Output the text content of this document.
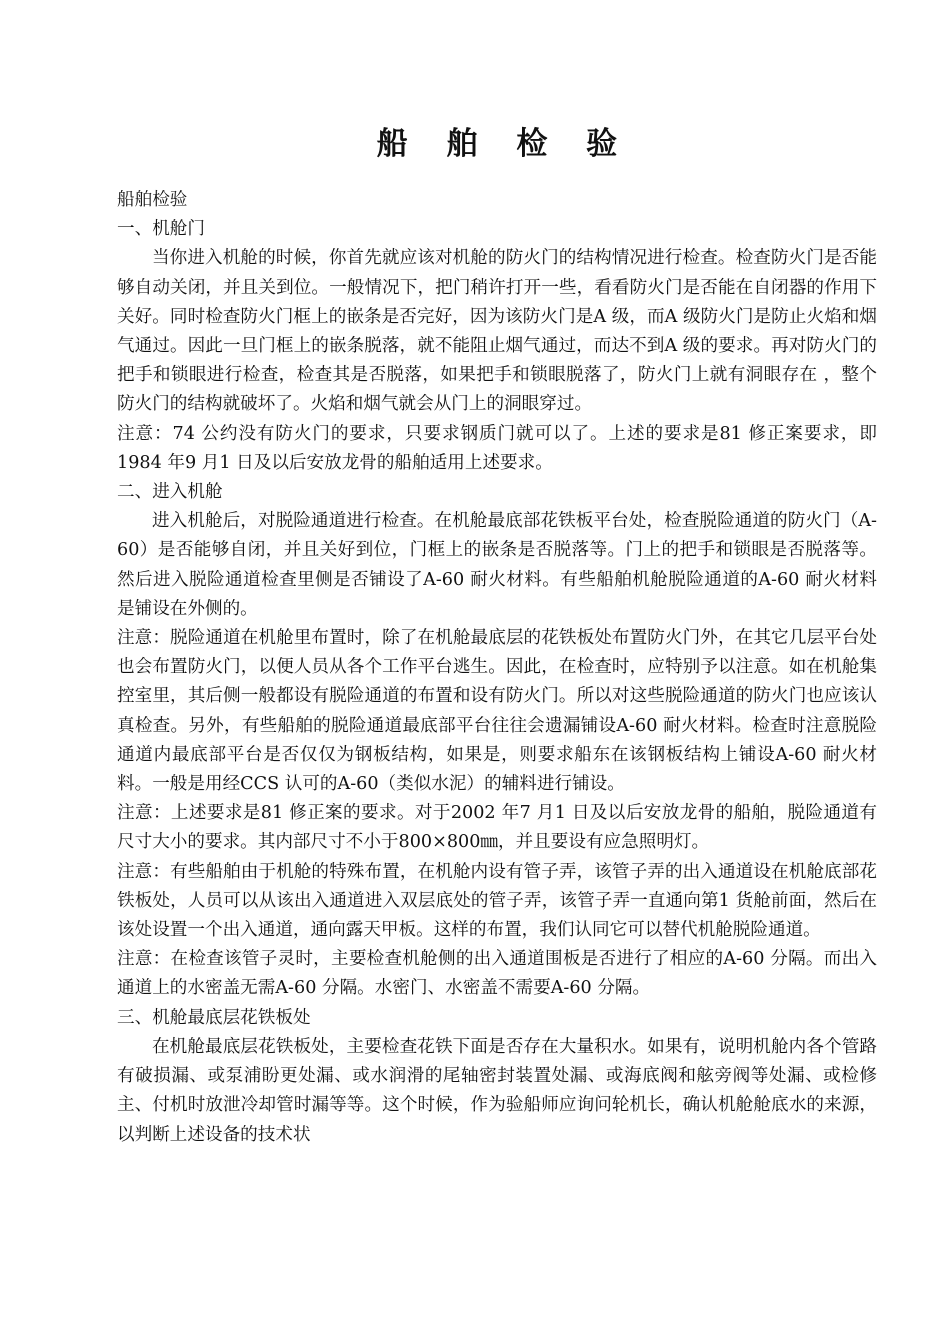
船 舶 检 验

船舶检验

一、机舱门

当你进入机舱的时候，你首先就应该对机舱的防火门的结构情况进行检查。检查防火门是否能够自动关闭，并且关到位。一般情况下，把门稍许打开一些，看看防火门是否能在自闭器的作用下关好。同时检查防火门框上的嵌条是否完好，因为该防火门是A 级，而A 级防火门是防止火焰和烟气通过。因此一旦门框上的嵌条脱落，就不能阻止烟气通过，而达不到A 级的要求。再对防火门的把手和锁眼进行检查，检查其是否脱落，如果把手和锁眼脱落了，防火门上就有洞眼存在 ，整个防火门的结构就破坏了。火焰和烟气就会从门上的洞眼穿过。

注意：74 公约没有防火门的要求，只要求钢质门就可以了。上述的要求是81 修正案要求，即1984 年9 月1 日及以后安放龙骨的船舶适用上述要求。

二、进入机舱

进入机舱后，对脱险通道进行检查。在机舱最底部花铁板平台处，检查脱险通道的防火门（A-60）是否能够自闭，并且关好到位，门框上的嵌条是否脱落等。门上的把手和锁眼是否脱落等。然后进入脱险通道检查里侧是否铺设了A-60 耐火材料。有些船舶机舱脱险通道的A-60 耐火材料是铺设在外侧的。

注意：脱险通道在机舱里布置时，除了在机舱最底层的花铁板处布置防火门外，在其它几层平台处也会布置防火门，以便人员从各个工作平台逃生。因此，在检查时，应特别予以注意。如在机舱集控室里，其后侧一般都设有脱险通道的布置和设有防火门。所以对这些脱险通道的防火门也应该认真检查。另外，有些船舶的脱险通道最底部平台往往会遗漏铺设A-60 耐火材料。检查时注意脱险通道内最底部平台是否仅仅为钢板结构，如果是，则要求船东在该钢板结构上铺设A-60 耐火材料。一般是用经CCS 认可的A-60（类似水泥）的辅料进行铺设。

注意：上述要求是81 修正案的要求。对于2002 年7 月1 日及以后安放龙骨的船舶，脱险通道有尺寸大小的要求。其内部尺寸不小于800×800㎜，并且要设有应急照明灯。

注意：有些船舶由于机舱的特殊布置，在机舱内设有管子弄，该管子弄的出入通道设在机舱底部花铁板处，人员可以从该出入通道进入双层底处的管子弄，该管子弄一直通向第1 货舱前面，然后在该处设置一个出入通道，通向露天甲板。这样的布置，我们认同它可以替代机舱脱险通道。

注意：在检查该管子灵时，主要检查机舱侧的出入通道围板是否进行了相应的A-60 分隔。而出入通道上的水密盖无需A-60 分隔。水密门、水密盖不需要A-60 分隔。

三、机舱最底层花铁板处

在机舱最底层花铁板处，主要检查花铁下面是否存在大量积水。如果有，说明机舱内各个管路有破损漏、或泵浦盼更处漏、或水润滑的尾轴密封装置处漏、或海底阀和舷旁阀等处漏、或检修主、付机时放泄冷却管时漏等等。这个时候，作为验船师应询问轮机长，确认机舱舱底水的来源，以判断上述设备的技术状
